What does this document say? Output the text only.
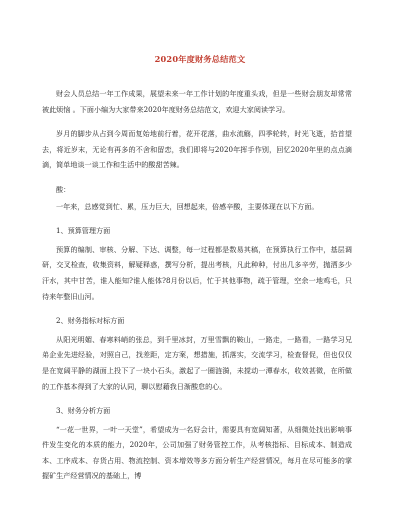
2020年度财务总结范文

财会人员总结一年工作成果，展望未来一年工作计划的年度重头戏，但是一些财会朋友却常常被此烦恼 。下面小编为大家带来2020年度财务总结范文，欢迎大家阅读学习。

岁月的脚步从占到今周而复始地前行着，花开花落，曲水流觞，四季轮转，时光飞逝，拾首望去，将近岁末，无论有再多的不舍和留恋，我们即将与2020年挥手作别，回忆2020年里的点点滴滴，简单地谈一谈工作和生活中的酸甜苦辣。

酸：

一年来，总感觉到忙、累，压力巨大，回想起来，倍感辛酸，主要体现在以下方面。

1、预算管理方面

预算的编制、审核、分解、下达、调整，每一过程都是数易其稿，在预算执行工作中，基层调研，交叉检查，收集资料，解疑释惑，撰写分析，提出考核，凡此种种，付出几多辛劳，抛洒多少汗水，其中甘苦，谁人能知?谁人能体?8月份以后，忙于其他事物，疏于管理，空余一地鸡毛，只待来年整旧山河。

2、财务指标对标方面

从阳光明媚、春寒料峭的张总，到千里冰封，万里雪飘的鞍山，一路走，一路看，一路学习兄弟企业先进经验，对照自己，找差距，定方案，想措施，抓落实，交流学习，检查督促，但也仅仅是在宽阔平静的湖面上投下了一块小石头，激起了一圈涟漪，未搅动一潭春水，收效甚微，在所做的工作基本得到了大家的认同，聊以慰藉我日渐酸怠的心。

3、财务分析方面

“一花一世界，一叶一天堂”，希望成为一名好会计，需要具有宽阔知著，从细微处找出影响事件发生变化的本质的能力，2020年，公司加强了财务管控工作，从考核指标、目标成本、制造成本、工序成本、存货占用、物流控制、资本增效等多方面分析生产经营情况，每月在尽可能多的掌握矿生产经营情况的基础上，博
